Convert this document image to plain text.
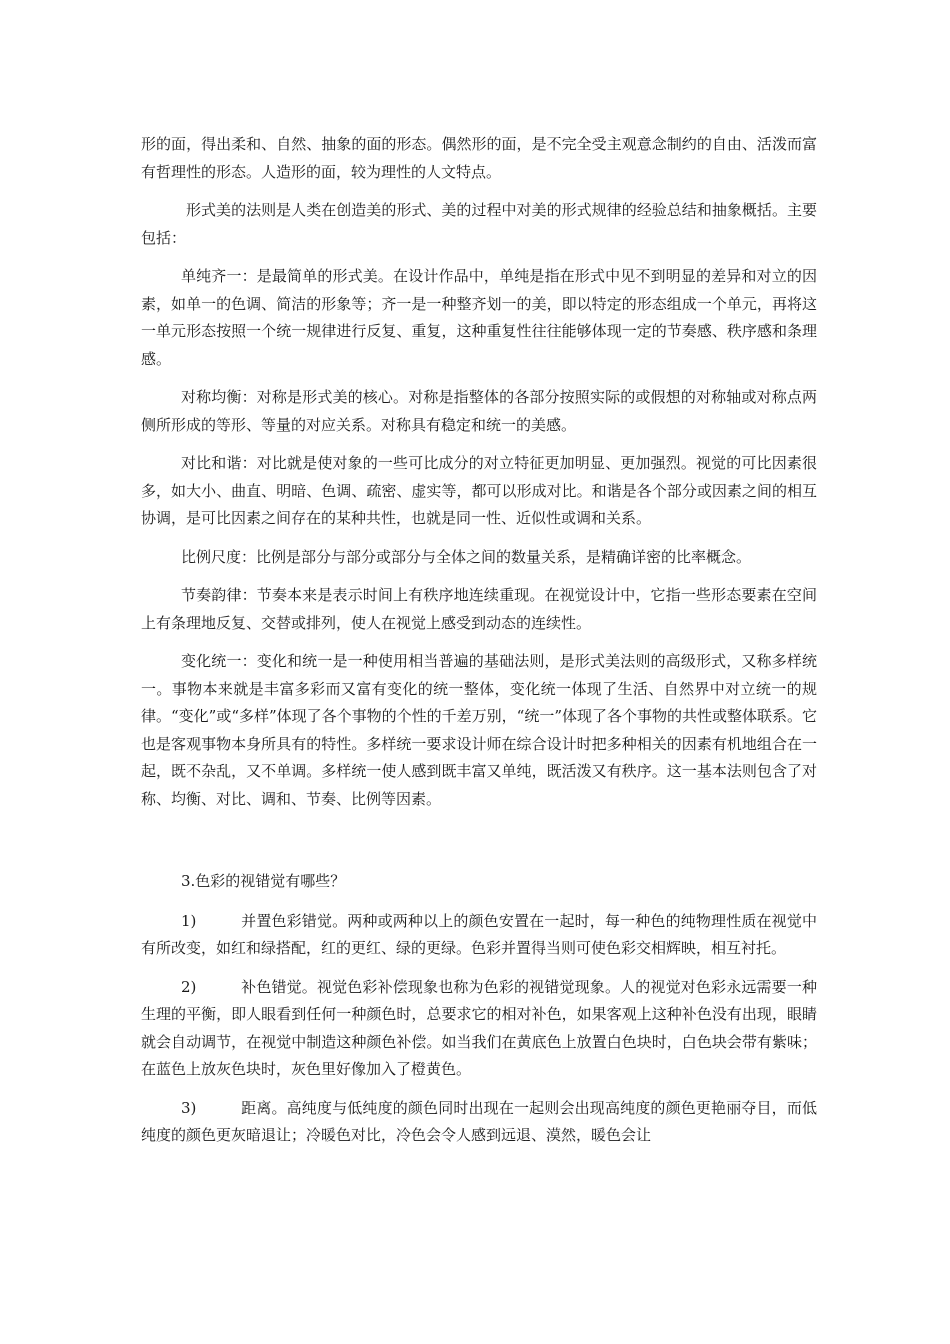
形的面，得出柔和、自然、抽象的面的形态。偶然形的面，是不完全受主观意念制约的自由、活泼而富有哲理性的形态。人造形的面，较为理性的人文特点。

形式美的法则是人类在创造美的形式、美的过程中对美的形式规律的经验总结和抽象概括。主要包括：

单纯齐一：是最简单的形式美。在设计作品中，单纯是指在形式中见不到明显的差异和对立的因素，如单一的色调、简洁的形象等；齐一是一种整齐划一的美，即以特定的形态组成一个单元，再将这一单元形态按照一个统一规律进行反复、重复，这种重复性往往能够体现一定的节奏感、秩序感和条理感。

对称均衡：对称是形式美的核心。对称是指整体的各部分按照实际的或假想的对称轴或对称点两侧所形成的等形、等量的对应关系。对称具有稳定和统一的美感。

对比和谐：对比就是使对象的一些可比成分的对立特征更加明显、更加强烈。视觉的可比因素很多，如大小、曲直、明暗、色调、疏密、虚实等，都可以形成对比。和谐是各个部分或因素之间的相互协调，是可比因素之间存在的某种共性，也就是同一性、近似性或调和关系。

比例尺度：比例是部分与部分或部分与全体之间的数量关系，是精确详密的比率概念。

节奏韵律：节奏本来是表示时间上有秩序地连续重现。在视觉设计中，它指一些形态要素在空间上有条理地反复、交替或排列，使人在视觉上感受到动态的连续性。

变化统一：变化和统一是一种使用相当普遍的基础法则，是形式美法则的高级形式，又称多样统一。事物本来就是丰富多彩而又富有变化的统一整体，变化统一体现了生活、自然界中对立统一的规律。“变化”或“多样”体现了各个事物的个性的千差万别，“统一”体现了各个事物的共性或整体联系。它也是客观事物本身所具有的特性。多样统一要求设计师在综合设计时把多种相关的因素有机地组合在一起，既不杂乱，又不单调。多样统一使人感到既丰富又单纯，既活泼又有秩序。这一基本法则包含了对称、均衡、对比、调和、节奏、比例等因素。

3.色彩的视错觉有哪些？

1)	并置色彩错觉。两种或两种以上的颜色安置在一起时，每一种色的纯物理性质在视觉中有所改变，如红和绿搭配，红的更红、绿的更绿。色彩并置得当则可使色彩交相辉映，相互衬托。

2)	补色错觉。视觉色彩补偿现象也称为色彩的视错觉现象。人的视觉对色彩永远需要一种生理的平衡，即人眼看到任何一种颜色时，总要求它的相对补色，如果客观上这种补色没有出现，眼睛就会自动调节，在视觉中制造这种颜色补偿。如当我们在黄底色上放置白色块时，白色块会带有紫味；在蓝色上放灰色块时，灰色里好像加入了橙黄色。

3)	距离。高纯度与低纯度的颜色同时出现在一起则会出现高纯度的颜色更艳丽夺目，而低纯度的颜色更灰暗退让；冷暖色对比，冷色会令人感到远退、漠然，暖色会让
